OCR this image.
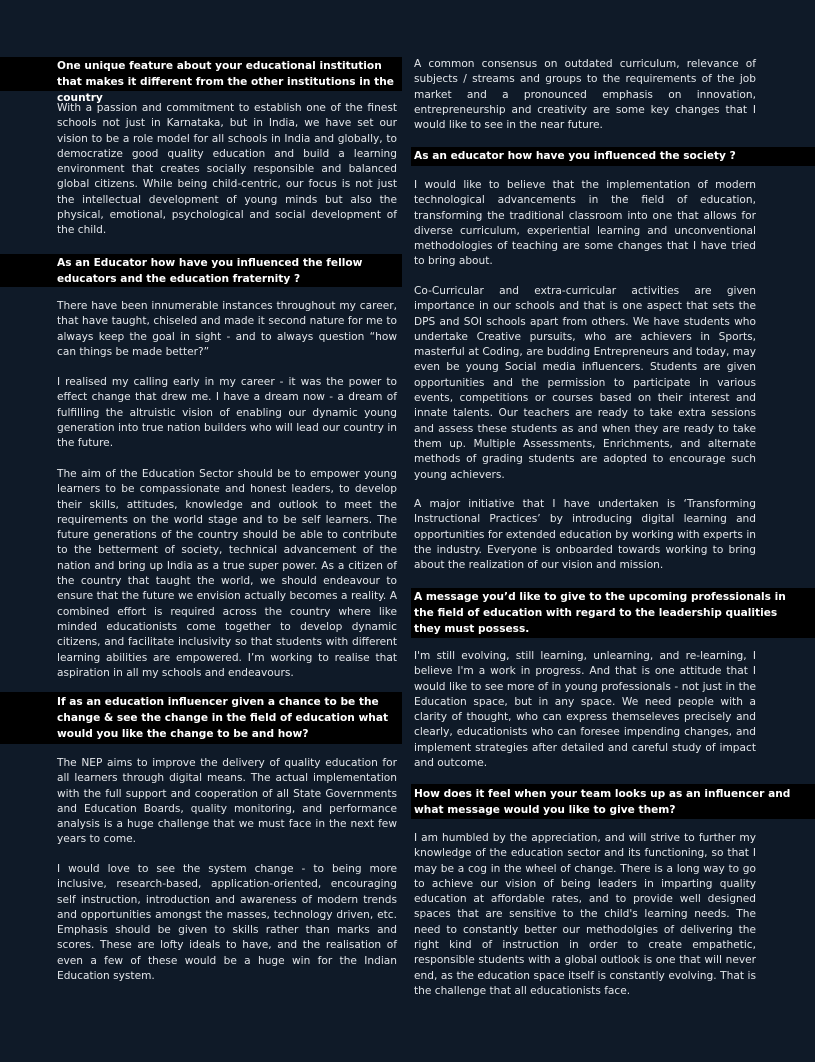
One unique feature about your educational institution that makes it different from the other institutions in the country

With a passion and commitment to establish one of the finest schools not just in Karnataka, but in India, we have set our vision to be a role model for all schools in India and globally, to democratize good quality education and build a learning environment that creates socially responsible and balanced global citizens. While being child-centric, our focus is not just the intellectual development of young minds but also the physical, emotional, psychological and social development of the child.

As an Educator how have you influenced the fellow educators and the education fraternity ?

There have been innumerable instances throughout my career, that have taught, chiseled and made it second nature for me to always keep the goal in sight - and to always question “how can things be made better?”

I realised my calling early in my career - it was the power to effect change that drew me. I have a dream now - a dream of fulfilling the altruistic vision of enabling our dynamic young generation into true nation builders who will lead our country in the future.

The aim of the Education Sector should be to empower young learners to be compassionate and honest leaders, to develop their skills, attitudes, knowledge and outlook to meet the requirements on the world stage and to be self learners. The future generations of the country should be able to contribute to the betterment of society, technical advancement of the nation and bring up India as a true super power. As a citizen of the country that taught the world, we should endeavour to ensure that the future we envision actually becomes a reality. A combined effort is required across the country where like minded educationists come together to develop dynamic citizens, and facilitate inclusivity so that students with different learning abilities are empowered. I’m working to realise that aspiration in all my schools and endeavours.

If as an education influencer given a chance to be the change & see the change in the field of education what would you like the change to be and how?

The NEP aims to improve the delivery of quality education for all learners through digital means. The actual implementation with the full support and cooperation of all State Governments and Education Boards, quality monitoring, and performance analysis is a huge challenge that we must face in the next few years to come.

I would love to see the system change - to being more inclusive, research-based, application-oriented, encouraging self instruction, introduction and awareness of modern trends and opportunities amongst the masses, technology driven, etc. Emphasis should be given to skills rather than marks and scores. These are lofty ideals to have, and the realisation of even a few of these would be a huge win for the Indian Education system.

A common consensus on outdated curriculum, relevance of subjects / streams and groups to the requirements of the job market and a pronounced emphasis on innovation, entrepreneurship and creativity are some key changes that I would like to see in the near future.

As an educator how have you influenced the society ?

I would like to believe that the implementation of modern technological advancements in the field of education, transforming the traditional classroom into one that allows for diverse curriculum, experiential learning and unconventional methodologies of teaching are some changes that I have tried to bring about.

Co-Curricular and extra-curricular activities are given importance in our schools and that is one aspect that sets the DPS and SOI schools apart from others. We have students who undertake Creative pursuits, who are achievers in Sports, masterful at Coding, are budding Entrepreneurs and today, may even be young Social media influencers. Students are given opportunities and the permission to participate in various events, competitions or courses based on their interest and innate talents. Our teachers are ready to take extra sessions and assess these students as and when they are ready to take them up. Multiple Assessments, Enrichments, and alternate methods of grading students are adopted to encourage such young achievers.

A major initiative that I have undertaken is ‘Transforming Instructional Practices’ by introducing digital learning and opportunities for extended education by working with experts in the industry. Everyone is onboarded towards working to bring about the realization of our vision and mission.

A message you’d like to give to the upcoming professionals in the field of education with regard to the leadership qualities they must possess.

I'm still evolving, still learning, unlearning, and re-learning, I believe I'm a work in progress. And that is one attitude that I would like to see more of in young professionals - not just in the Education space, but in any space. We need people with a clarity of thought, who can express themseleves precisely and clearly, educationists who can foresee impending changes, and implement strategies after detailed and careful study of impact and outcome.

How does it feel when your team looks up as an influencer and what message would you like to give them?

I am humbled by the appreciation, and will strive to further my knowledge of the education sector and its functioning, so that I may be a cog in the wheel of change. There is a long way to go to achieve our vision of being leaders in imparting quality education at affordable rates, and to provide well designed spaces that are sensitive to the child's learning needs. The need to constantly better our methodolgies of delivering the right kind of instruction in order to create empathetic, responsible students with a global outlook is one that will never end, as the education space itself is constantly evolving. That is the challenge that all educationists face.
